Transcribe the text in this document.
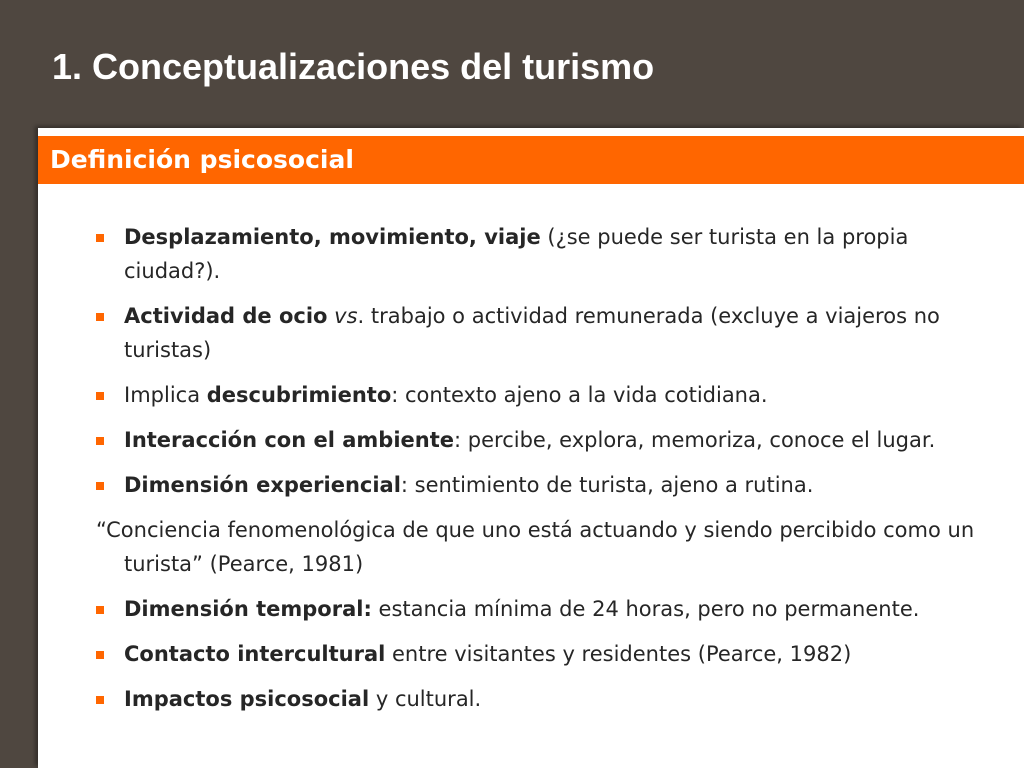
1. Conceptualizaciones del turismo
Definición psicosocial
Desplazamiento, movimiento, viaje (¿se puede ser turista en la propia ciudad?).
Actividad de ocio vs. trabajo o actividad remunerada (excluye a viajeros no turistas)
Implica descubrimiento: contexto ajeno a la vida cotidiana.
Interacción con el ambiente: percibe, explora, memoriza, conoce el lugar.
Dimensión experiencial: sentimiento de turista, ajeno a rutina.
“Conciencia fenomenológica de que uno está actuando y siendo percibido como un turista” (Pearce, 1981)
Dimensión temporal: estancia mínima de 24 horas, pero no permanente.
Contacto intercultural entre visitantes y residentes (Pearce, 1982)
Impactos psicosocial y cultural.
